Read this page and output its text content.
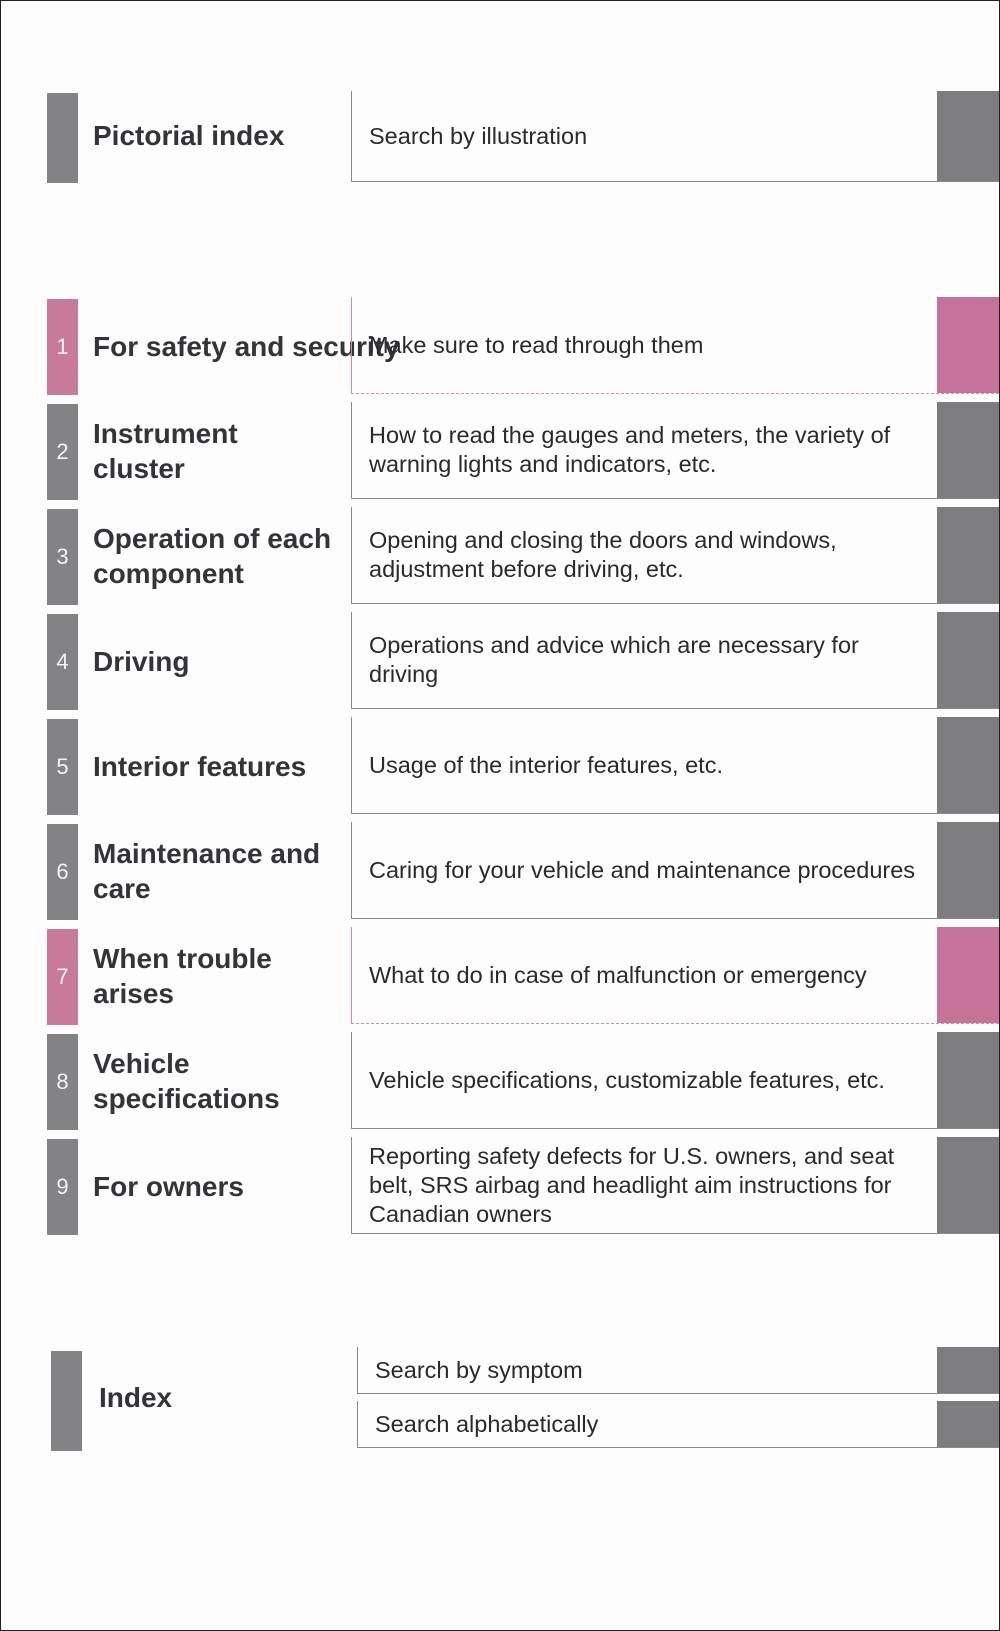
Pictorial index	Search by illustration
1 For safety and security
Make sure to read through them
2
Instrument cluster
How to read the gauges and meters, the variety of warning lights and indicators, etc.
3
Operation of each component
Opening and closing the doors and windows, adjustment before driving, etc.
4 Driving
Operations and advice which are necessary for driving
5 Interior features	Usage of the interior features, etc.
6
Maintenance and care
Caring for your vehicle and maintenance procedures
7
When trouble arises
What to do in case of malfunction or emergency
8
Vehicle specifications
Vehicle specifications, customizable features, etc.
9 For owners
Reporting safety defects for U.S. owners, and seat belt, SRS airbag and headlight aim instructions for Canadian owners
Index
Search by symptom
Search alphabetically
